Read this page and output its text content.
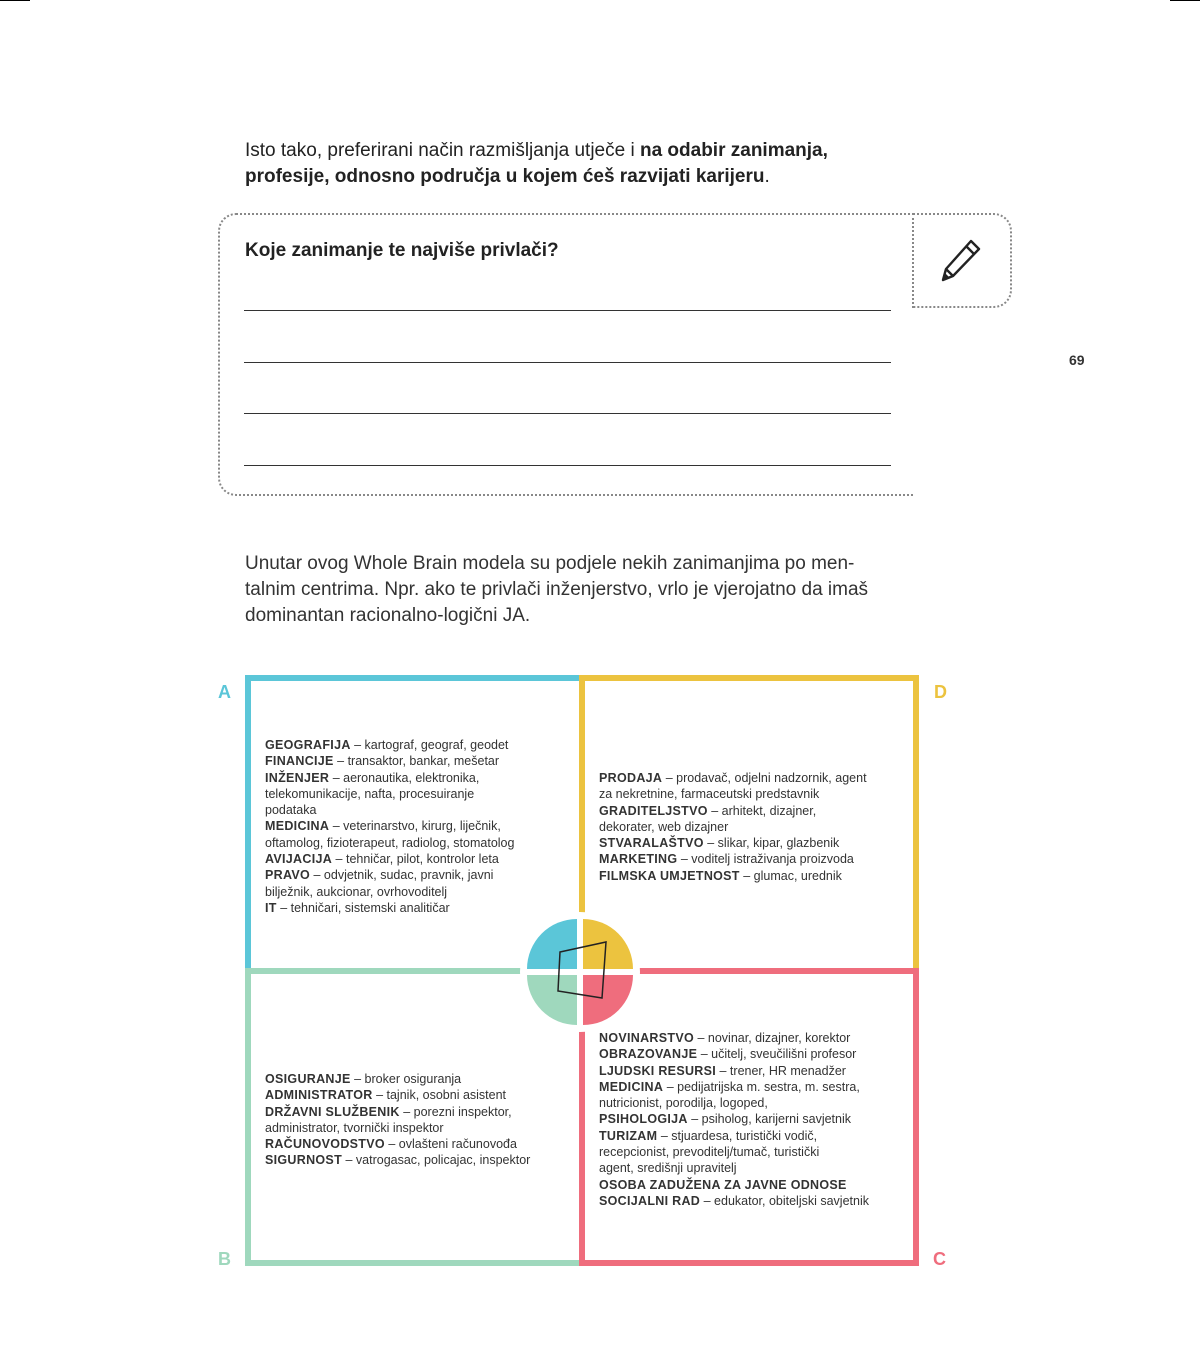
Isto tako, preferirani način razmišljanja utječe i na odabir zanimanja,
profesije, odnosno područja u kojem ćeš razvijati karijeru.
Koje zanimanje te najviše privlači?
69
Unutar ovog Whole Brain modela su podjele nekih zanimanjima po men-
talnim centrima. Npr. ako te privlači inženjerstvo, vrlo je vjerojatno da imaš
dominantan racionalno-logični JA.
A	D
B	C
GEOGRAFIJA – kartograf, geograf, geodet
FINANCIJE – transaktor, bankar, mešetar
INŽENJER – aeronautika, elektronika,
telekomunikacije, nafta, procesuiranje
podataka
MEDICINA – veterinarstvo, kirurg, liječnik,
oftamolog, fizioterapeut, radiolog, stomatolog
AVIJACIJA – tehničar, pilot, kontrolor leta
PRAVO – odvjetnik, sudac, pravnik, javni
bilježnik, aukcionar, ovrhovoditelj
IT – tehničari, sistemski analitičar
PRODAJA – prodavač, odjelni nadzornik, agent
za nekretnine, farmaceutski predstavnik
GRADITELJSTVO – arhitekt, dizajner,
dekorater, web dizajner
STVARALAŠTVO – slikar, kipar, glazbenik
MARKETING – voditelj istraživanja proizvoda
FILMSKA UMJETNOST – glumac, urednik
OSIGURANJE – broker osiguranja
ADMINISTRATOR – tajnik, osobni asistent
DRŽAVNI SLUŽBENIK – porezni inspektor,
administrator, tvornički inspektor
RAČUNOVODSTVO – ovlašteni računovođa
SIGURNOST – vatrogasac, policajac, inspektor
NOVINARSTVO – novinar, dizajner, korektor
OBRAZOVANJE – učitelj, sveučilišni profesor
LJUDSKI RESURSI – trener, HR menadžer
MEDICINA – pedijatrijska m. sestra, m. sestra,
nutricionist, porodilja, logoped,
PSIHOLOGIJA – psiholog, karijerni savjetnik
TURIZAM – stjuardesa, turistički vodič,
recepcionist, prevoditelj/tumač, turistički
agent, središnji upravitelj
OSOBA ZADUŽENA ZA JAVNE ODNOSE
SOCIJALNI RAD – edukator, obiteljski savjetnik
